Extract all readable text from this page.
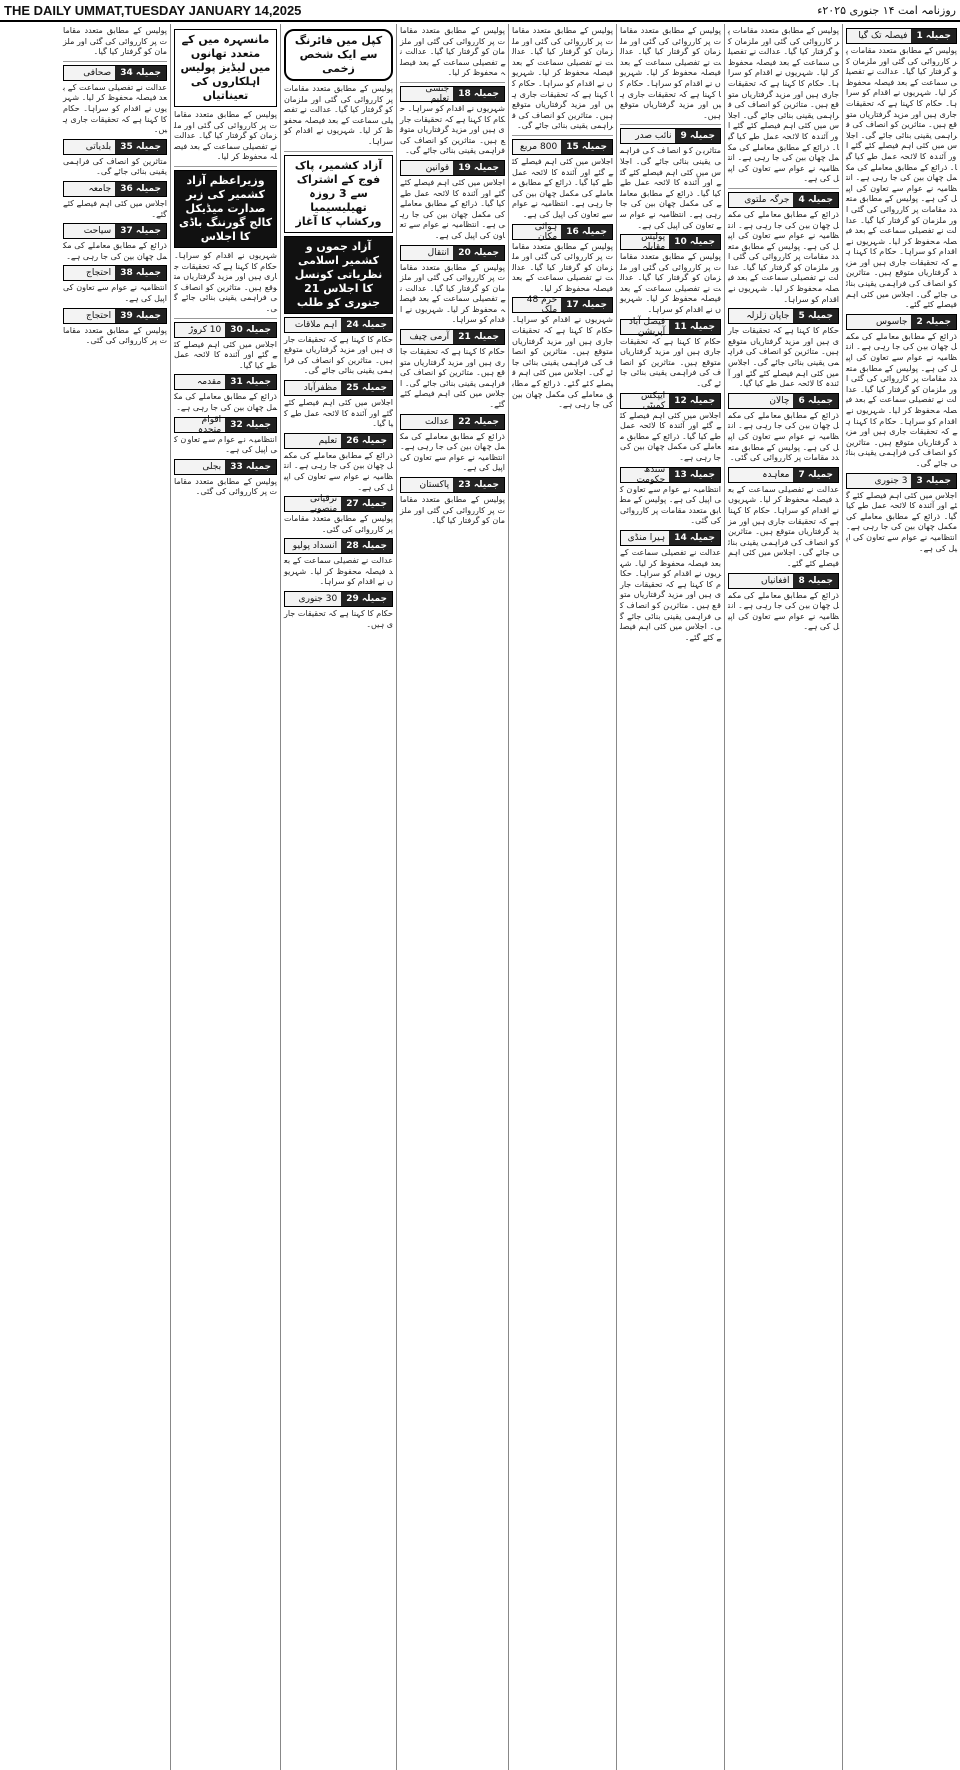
THE DAILY UMMAT,TUESDAY JANUARY 14,2025	روزنامہ امت ۱۴ جنوری ۲۰۲۵ء
جمیلہ 1
فیصلہ تک گیا
پولیس کے مطابق متعدد مقامات پر کارروائی کی گئی اور ملزمان کو گرفتار کیا گیا۔ عدالت نے تفصیلی سماعت کے بعد فیصلہ محفوظ کر لیا۔ شہریوں نے اقدام کو سراہا۔ حکام کا کہنا ہے کہ تحقیقات جاری ہیں اور مزید گرفتاریاں متوقع ہیں۔ متاثرین کو انصاف کی فراہمی یقینی بنائی جائے گی۔ اجلاس میں کئی اہم فیصلے کئے گئے اور آئندہ کا لائحہ عمل طے کیا گیا۔ ذرائع کے مطابق معاملے کی مکمل چھان بین کی جا رہی ہے۔ انتظامیہ نے عوام سے تعاون کی اپیل کی ہے۔ پولیس کے مطابق متعدد مقامات پر کارروائی کی گئی اور ملزمان کو گرفتار کیا گیا۔ عدالت نے تفصیلی سماعت کے بعد فیصلہ محفوظ کر لیا۔ شہریوں نے اقدام کو سراہا۔ حکام کا کہنا ہے کہ تحقیقات جاری ہیں اور مزید گرفتاریاں متوقع ہیں۔ متاثرین کو انصاف کی فراہمی یقینی بنائی جائے گی۔ اجلاس میں کئی اہم فیصلے کئے گئے۔
جمیلہ 2
جاسوس
ذرائع کے مطابق معاملے کی مکمل چھان بین کی جا رہی ہے۔ انتظامیہ نے عوام سے تعاون کی اپیل کی ہے۔ پولیس کے مطابق متعدد مقامات پر کارروائی کی گئی اور ملزمان کو گرفتار کیا گیا۔ عدالت نے تفصیلی سماعت کے بعد فیصلہ محفوظ کر لیا۔ شہریوں نے اقدام کو سراہا۔ حکام کا کہنا ہے کہ تحقیقات جاری ہیں اور مزید گرفتاریاں متوقع ہیں۔ متاثرین کو انصاف کی فراہمی یقینی بنائی جائے گی۔
جمیلہ 3
3 جنوری
اجلاس میں کئی اہم فیصلے کئے گئے اور آئندہ کا لائحہ عمل طے کیا گیا۔ ذرائع کے مطابق معاملے کی مکمل چھان بین کی جا رہی ہے۔ انتظامیہ نے عوام سے تعاون کی اپیل کی ہے۔
پولیس کے مطابق متعدد مقامات پر کارروائی کی گئی اور ملزمان کو گرفتار کیا گیا۔ عدالت نے تفصیلی سماعت کے بعد فیصلہ محفوظ کر لیا۔ شہریوں نے اقدام کو سراہا۔ حکام کا کہنا ہے کہ تحقیقات جاری ہیں اور مزید گرفتاریاں متوقع ہیں۔ متاثرین کو انصاف کی فراہمی یقینی بنائی جائے گی۔ اجلاس میں کئی اہم فیصلے کئے گئے اور آئندہ کا لائحہ عمل طے کیا گیا۔ ذرائع کے مطابق معاملے کی مکمل چھان بین کی جا رہی ہے۔ انتظامیہ نے عوام سے تعاون کی اپیل کی ہے۔
جمیلہ 4
جرگہ ملتوی
ذرائع کے مطابق معاملے کی مکمل چھان بین کی جا رہی ہے۔ انتظامیہ نے عوام سے تعاون کی اپیل کی ہے۔ پولیس کے مطابق متعدد مقامات پر کارروائی کی گئی اور ملزمان کو گرفتار کیا گیا۔ عدالت نے تفصیلی سماعت کے بعد فیصلہ محفوظ کر لیا۔ شہریوں نے اقدام کو سراہا۔
جمیلہ 5
جاپان زلزلہ
حکام کا کہنا ہے کہ تحقیقات جاری ہیں اور مزید گرفتاریاں متوقع ہیں۔ متاثرین کو انصاف کی فراہمی یقینی بنائی جائے گی۔ اجلاس میں کئی اہم فیصلے کئے گئے اور آئندہ کا لائحہ عمل طے کیا گیا۔
جمیلہ 6
چالان
ذرائع کے مطابق معاملے کی مکمل چھان بین کی جا رہی ہے۔ انتظامیہ نے عوام سے تعاون کی اپیل کی ہے۔ پولیس کے مطابق متعدد مقامات پر کارروائی کی گئی۔
جمیلہ 7
معاہدہ
عدالت نے تفصیلی سماعت کے بعد فیصلہ محفوظ کر لیا۔ شہریوں نے اقدام کو سراہا۔ حکام کا کہنا ہے کہ تحقیقات جاری ہیں اور مزید گرفتاریاں متوقع ہیں۔ متاثرین کو انصاف کی فراہمی یقینی بنائی جائے گی۔ اجلاس میں کئی اہم فیصلے کئے گئے۔
جمیلہ 8
افغانیاں
ذرائع کے مطابق معاملے کی مکمل چھان بین کی جا رہی ہے۔ انتظامیہ نے عوام سے تعاون کی اپیل کی ہے۔
پولیس کے مطابق متعدد مقامات پر کارروائی کی گئی اور ملزمان کو گرفتار کیا گیا۔ عدالت نے تفصیلی سماعت کے بعد فیصلہ محفوظ کر لیا۔ شہریوں نے اقدام کو سراہا۔ حکام کا کہنا ہے کہ تحقیقات جاری ہیں اور مزید گرفتاریاں متوقع ہیں۔
جمیلہ 9
نائب صدر
متاثرین کو انصاف کی فراہمی یقینی بنائی جائے گی۔ اجلاس میں کئی اہم فیصلے کئے گئے اور آئندہ کا لائحہ عمل طے کیا گیا۔ ذرائع کے مطابق معاملے کی مکمل چھان بین کی جا رہی ہے۔ انتظامیہ نے عوام سے تعاون کی اپیل کی ہے۔
جمیلہ 10
پولیس مقابلہ
پولیس کے مطابق متعدد مقامات پر کارروائی کی گئی اور ملزمان کو گرفتار کیا گیا۔ عدالت نے تفصیلی سماعت کے بعد فیصلہ محفوظ کر لیا۔ شہریوں نے اقدام کو سراہا۔
جمیلہ 11
فیصل آباد آپریشن
حکام کا کہنا ہے کہ تحقیقات جاری ہیں اور مزید گرفتاریاں متوقع ہیں۔ متاثرین کو انصاف کی فراہمی یقینی بنائی جائے گی۔
جمیلہ 12
ایپکس کمیٹی
اجلاس میں کئی اہم فیصلے کئے گئے اور آئندہ کا لائحہ عمل طے کیا گیا۔ ذرائع کے مطابق معاملے کی مکمل چھان بین کی جا رہی ہے۔
جمیلہ 13
سندھ حکومت
انتظامیہ نے عوام سے تعاون کی اپیل کی ہے۔ پولیس کے مطابق متعدد مقامات پر کارروائی کی گئی۔
جمیلہ 14
ہیرا منڈی
عدالت نے تفصیلی سماعت کے بعد فیصلہ محفوظ کر لیا۔ شہریوں نے اقدام کو سراہا۔ حکام کا کہنا ہے کہ تحقیقات جاری ہیں اور مزید گرفتاریاں متوقع ہیں۔ متاثرین کو انصاف کی فراہمی یقینی بنائی جائے گی۔ اجلاس میں کئی اہم فیصلے کئے گئے۔
پولیس کے مطابق متعدد مقامات پر کارروائی کی گئی اور ملزمان کو گرفتار کیا گیا۔ عدالت نے تفصیلی سماعت کے بعد فیصلہ محفوظ کر لیا۔ شہریوں نے اقدام کو سراہا۔ حکام کا کہنا ہے کہ تحقیقات جاری ہیں اور مزید گرفتاریاں متوقع ہیں۔ متاثرین کو انصاف کی فراہمی یقینی بنائی جائے گی۔
جمیلہ 15
800 مربع
اجلاس میں کئی اہم فیصلے کئے گئے اور آئندہ کا لائحہ عمل طے کیا گیا۔ ذرائع کے مطابق معاملے کی مکمل چھان بین کی جا رہی ہے۔ انتظامیہ نے عوام سے تعاون کی اپیل کی ہے۔
جمیلہ 16
ہوائی مکان
پولیس کے مطابق متعدد مقامات پر کارروائی کی گئی اور ملزمان کو گرفتار کیا گیا۔ عدالت نے تفصیلی سماعت کے بعد فیصلہ محفوظ کر لیا۔
جمیلہ 17
حرم 48 ملک
شہریوں نے اقدام کو سراہا۔ حکام کا کہنا ہے کہ تحقیقات جاری ہیں اور مزید گرفتاریاں متوقع ہیں۔ متاثرین کو انصاف کی فراہمی یقینی بنائی جائے گی۔ اجلاس میں کئی اہم فیصلے کئے گئے۔ ذرائع کے مطابق معاملے کی مکمل چھان بین کی جا رہی ہے۔
پولیس کے مطابق متعدد مقامات پر کارروائی کی گئی اور ملزمان کو گرفتار کیا گیا۔ عدالت نے تفصیلی سماعت کے بعد فیصلہ محفوظ کر لیا۔
جمیلہ 18
جنسی تعلیم
شہریوں نے اقدام کو سراہا۔ حکام کا کہنا ہے کہ تحقیقات جاری ہیں اور مزید گرفتاریاں متوقع ہیں۔ متاثرین کو انصاف کی فراہمی یقینی بنائی جائے گی۔
جمیلہ 19
قوانین
اجلاس میں کئی اہم فیصلے کئے گئے اور آئندہ کا لائحہ عمل طے کیا گیا۔ ذرائع کے مطابق معاملے کی مکمل چھان بین کی جا رہی ہے۔ انتظامیہ نے عوام سے تعاون کی اپیل کی ہے۔
جمیلہ 20
انتقال
پولیس کے مطابق متعدد مقامات پر کارروائی کی گئی اور ملزمان کو گرفتار کیا گیا۔ عدالت نے تفصیلی سماعت کے بعد فیصلہ محفوظ کر لیا۔ شہریوں نے اقدام کو سراہا۔
جمیلہ 21
آرمی چیف
حکام کا کہنا ہے کہ تحقیقات جاری ہیں اور مزید گرفتاریاں متوقع ہیں۔ متاثرین کو انصاف کی فراہمی یقینی بنائی جائے گی۔ اجلاس میں کئی اہم فیصلے کئے گئے۔
جمیلہ 22
عدالت
ذرائع کے مطابق معاملے کی مکمل چھان بین کی جا رہی ہے۔ انتظامیہ نے عوام سے تعاون کی اپیل کی ہے۔
جمیلہ 23
پاکستان
پولیس کے مطابق متعدد مقامات پر کارروائی کی گئی اور ملزمان کو گرفتار کیا گیا۔
کپل میں فائرنگ سے ایک شخص زخمی
پولیس کے مطابق متعدد مقامات پر کارروائی کی گئی اور ملزمان کو گرفتار کیا گیا۔ عدالت نے تفصیلی سماعت کے بعد فیصلہ محفوظ کر لیا۔ شہریوں نے اقدام کو سراہا۔
آزاد کشمیر، پاک فوج کے اشتراک سے 3 روزہ تھیلیسیمیا ورکشاپ کا آغاز
آزاد جموں و کشمیر اسلامی نظریاتی کونسل کا اجلاس 21 جنوری کو طلب
جمیلہ 24
اہم ملاقات
حکام کا کہنا ہے کہ تحقیقات جاری ہیں اور مزید گرفتاریاں متوقع ہیں۔ متاثرین کو انصاف کی فراہمی یقینی بنائی جائے گی۔
جمیلہ 25
مظفرآباد
اجلاس میں کئی اہم فیصلے کئے گئے اور آئندہ کا لائحہ عمل طے کیا گیا۔
جمیلہ 26
تعلیم
ذرائع کے مطابق معاملے کی مکمل چھان بین کی جا رہی ہے۔ انتظامیہ نے عوام سے تعاون کی اپیل کی ہے۔
جمیلہ 27
ترقیاتی منصوبے
پولیس کے مطابق متعدد مقامات پر کارروائی کی گئی۔
جمیلہ 28
انسداد پولیو
عدالت نے تفصیلی سماعت کے بعد فیصلہ محفوظ کر لیا۔ شہریوں نے اقدام کو سراہا۔
جمیلہ 29
30 جنوری
حکام کا کہنا ہے کہ تحقیقات جاری ہیں۔
مانسہرہ میں کے متعدد تھانوں میں لیڈیز پولیس اہلکاروں کی تعیناتیاں
پولیس کے مطابق متعدد مقامات پر کارروائی کی گئی اور ملزمان کو گرفتار کیا گیا۔ عدالت نے تفصیلی سماعت کے بعد فیصلہ محفوظ کر لیا۔
وزیراعظم آزاد کشمیر کی زیر صدارت میڈیکل کالج گورننگ باڈی کا اجلاس
شہریوں نے اقدام کو سراہا۔ حکام کا کہنا ہے کہ تحقیقات جاری ہیں اور مزید گرفتاریاں متوقع ہیں۔ متاثرین کو انصاف کی فراہمی یقینی بنائی جائے گی۔
جمیلہ 30
10 کروڑ
اجلاس میں کئی اہم فیصلے کئے گئے اور آئندہ کا لائحہ عمل طے کیا گیا۔
جمیلہ 31
مقدمہ
ذرائع کے مطابق معاملے کی مکمل چھان بین کی جا رہی ہے۔
جمیلہ 32
اقوام متحدہ
انتظامیہ نے عوام سے تعاون کی اپیل کی ہے۔
جمیلہ 33
بجلی
پولیس کے مطابق متعدد مقامات پر کارروائی کی گئی۔
پولیس کے مطابق متعدد مقامات پر کارروائی کی گئی اور ملزمان کو گرفتار کیا گیا۔
جمیلہ 34
صحافی
عدالت نے تفصیلی سماعت کے بعد فیصلہ محفوظ کر لیا۔ شہریوں نے اقدام کو سراہا۔ حکام کا کہنا ہے کہ تحقیقات جاری ہیں۔
جمیلہ 35
بلدیاتی
متاثرین کو انصاف کی فراہمی یقینی بنائی جائے گی۔
جمیلہ 36
جامعہ
اجلاس میں کئی اہم فیصلے کئے گئے۔
جمیلہ 37
سیاحت
ذرائع کے مطابق معاملے کی مکمل چھان بین کی جا رہی ہے۔
جمیلہ 38
احتجاج
انتظامیہ نے عوام سے تعاون کی اپیل کی ہے۔
جمیلہ 39
احتجاج
پولیس کے مطابق متعدد مقامات پر کارروائی کی گئی۔
